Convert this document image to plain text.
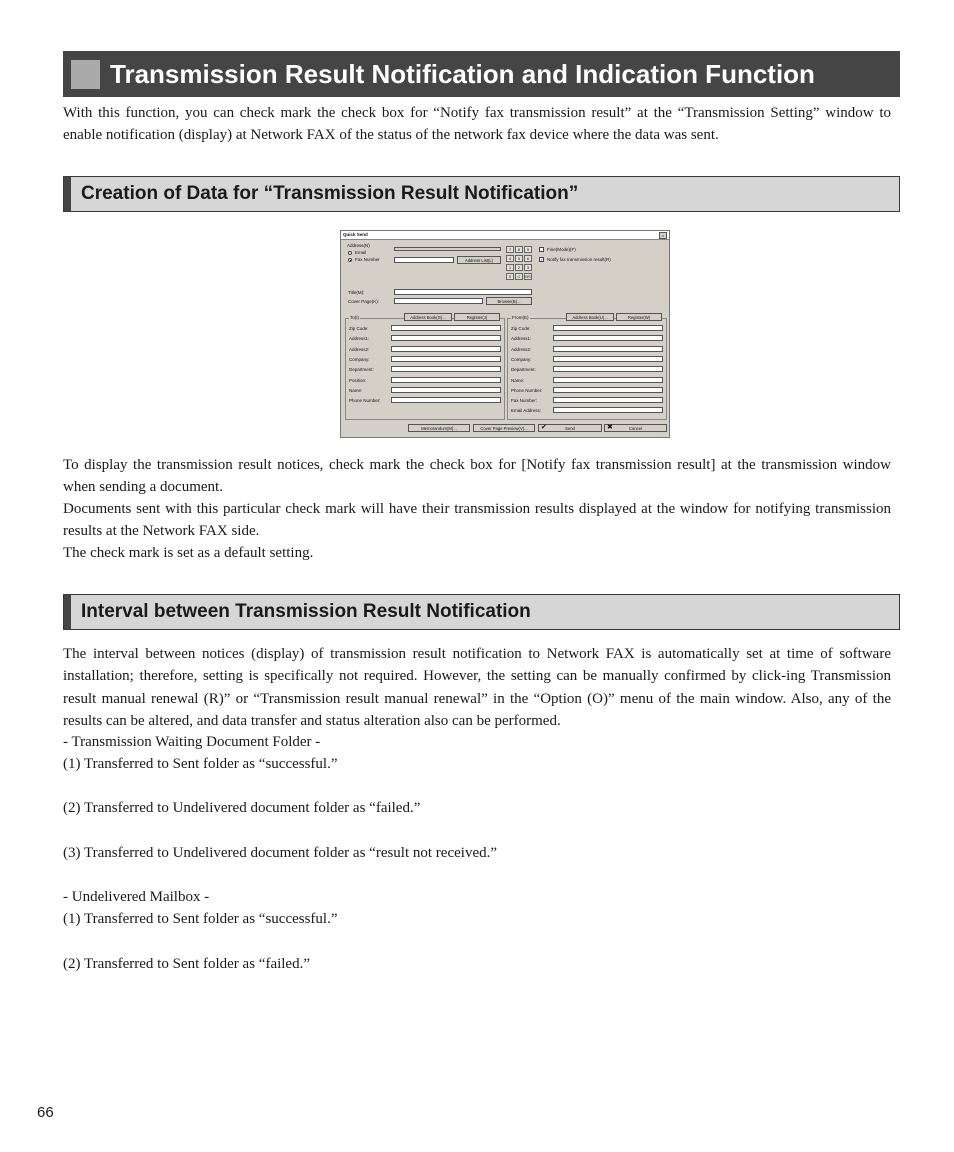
Transmission Result Notification and Indication Function

With this function, you can check mark the check box for “Notify fax transmission result” at the “Transmission Setting” window to enable notification (display) at Network FAX of the status of the network fax device where the data was sent.

Creation of Data for “Transmission Result Notification”
Quick Send	×
Address(N)
Email
Fax Number	Address List(L)
7	8	9
4	5	6
1	2	3
0	C	BS
Fine(Mode)(F)
✓ Notify fax transmission result(R)
Title(M):
Cover Page(K):	Browse(B)...
To(I)	Address Book(G)...	Register(J)
Zip Code:
Address1:
Address2:
Company:
Department:
Position:
Name:
Phone Number:
From(E)	Address Book(U)...	Register(W)
Zip Code:
Address1:
Address2:
Company:
Department:
Name:
Phone Number:
Fax Number:
Email Address:
Memorandum(M)...	Cover Page Preview(V)...	✔	Send	✖	Cancel

To display the transmission result notices, check mark the check box for [Notify fax transmission result] at the transmission window when sending a document.

Documents sent with this particular check mark will have their transmission results displayed at the window for notifying transmission results at the Network FAX side.

The check mark is set as a default setting.

Interval between Transmission Result Notification

The interval between notices (display) of transmission result notification to Network FAX is automatically set at time of software installation; therefore, setting is specifically not required. However, the setting can be manually confirmed by click-ing Transmission result manual renewal (R)” or “Transmission result manual renewal” in the “Option (O)” menu of the main window. Also, any of the results can be altered, and data transfer and status alteration also can be performed.

- Transmission Waiting Document Folder -

(1) Transferred to Sent folder as “successful.”

(2) Transferred to Undelivered document folder as “failed.”

(3) Transferred to Undelivered document folder as “result not received.”

- Undelivered Mailbox -

(1) Transferred to Sent folder as “successful.”

(2) Transferred to Sent folder as “failed.”

66
